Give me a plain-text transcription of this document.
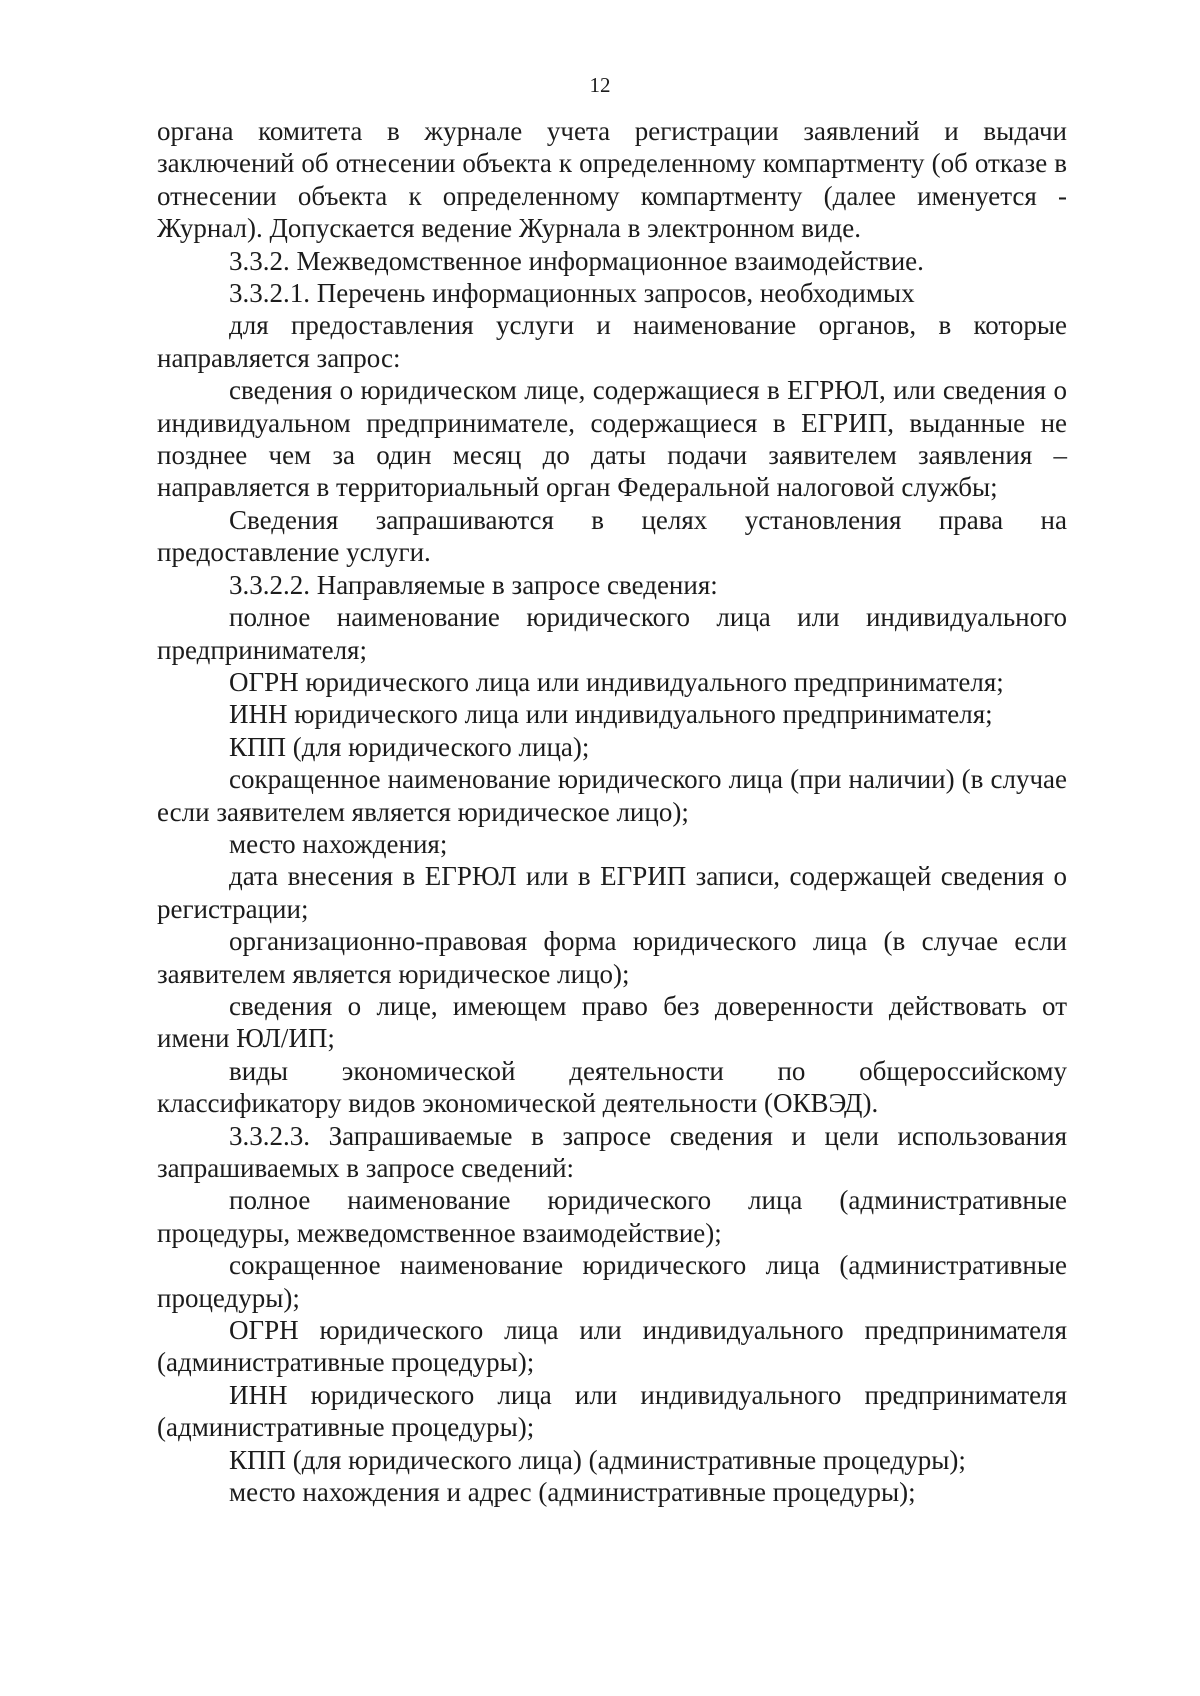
12

органа комитета в журнале учета регистрации заявлений и выдачи заключений об отнесении объекта к определенному компартменту (об отказе в отнесении объекта к определенному компартменту (далее именуется - Журнал). Допускается ведение Журнала в электронном виде.

3.3.2. Межведомственное информационное взаимодействие.

3.3.2.1. Перечень информационных запросов, необходимых

для предоставления услуги и наименование органов, в которые направляется запрос:

сведения о юридическом лице, содержащиеся в ЕГРЮЛ, или сведения о индивидуальном предпринимателе, содержащиеся в ЕГРИП, выданные не позднее чем за один месяц до даты подачи заявителем заявления – направляется в территориальный орган Федеральной налоговой службы;

Сведения запрашиваются в целях установления права на предоставление услуги.

3.3.2.2. Направляемые в запросе сведения:

полное наименование юридического лица или индивидуального предпринимателя;

ОГРН юридического лица или индивидуального предпринимателя;

ИНН юридического лица или индивидуального предпринимателя;

КПП (для юридического лица);

сокращенное наименование юридического лица (при наличии) (в случае если заявителем является юридическое лицо);

место нахождения;

дата внесения в ЕГРЮЛ или в ЕГРИП записи, содержащей сведения о регистрации;

организационно-правовая форма юридического лица (в случае если заявителем является юридическое лицо);

сведения о лице, имеющем право без доверенности действовать от имени ЮЛ/ИП;

виды экономической деятельности по общероссийскому классификатору видов экономической деятельности (ОКВЭД).

3.3.2.3. Запрашиваемые в запросе сведения и цели использования запрашиваемых в запросе сведений:

полное наименование юридического лица (административные процедуры, межведомственное взаимодействие);

сокращенное наименование юридического лица (административные процедуры);

ОГРН юридического лица или индивидуального предпринимателя (административные процедуры);

ИНН юридического лица или индивидуального предпринимателя (административные процедуры);

КПП (для юридического лица) (административные процедуры);

место нахождения и адрес (административные процедуры);
